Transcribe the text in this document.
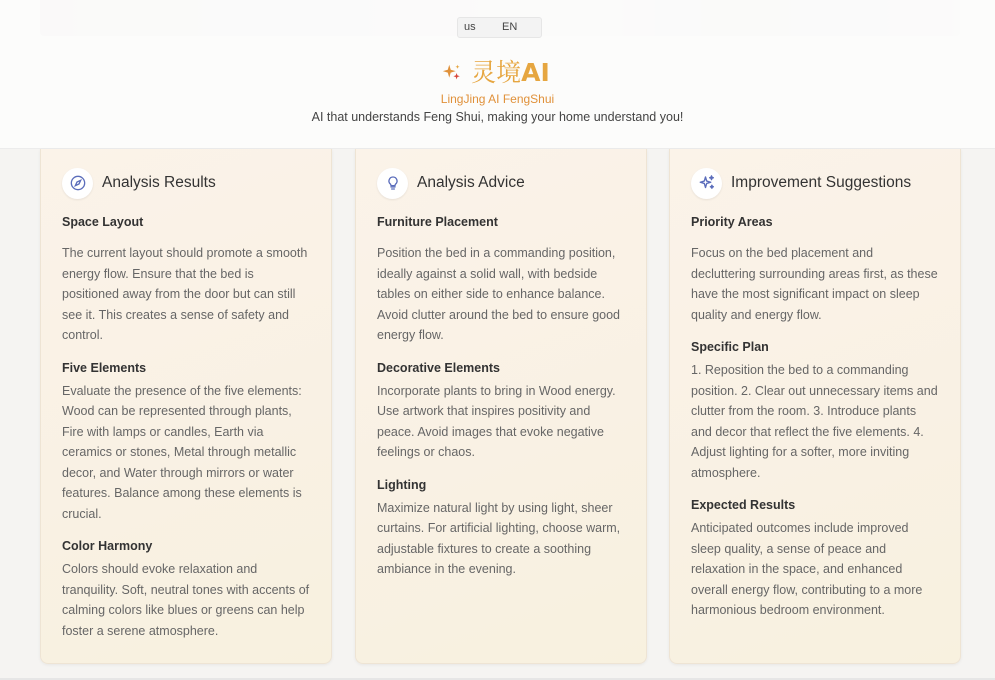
us EN
灵境AI
LingJing AI FengShui
AI that understands Feng Shui, making your home understand you!
Analysis Results
Space Layout
The current layout should promote a smooth energy flow. Ensure that the bed is positioned away from the door but can still see it. This creates a sense of safety and control.
Five Elements
Evaluate the presence of the five elements: Wood can be represented through plants, Fire with lamps or candles, Earth via ceramics or stones, Metal through metallic decor, and Water through mirrors or water features. Balance among these elements is crucial.
Color Harmony
Colors should evoke relaxation and tranquility. Soft, neutral tones with accents of calming colors like blues or greens can help foster a serene atmosphere.
Analysis Advice
Furniture Placement
Position the bed in a commanding position, ideally against a solid wall, with bedside tables on either side to enhance balance. Avoid clutter around the bed to ensure good energy flow.
Decorative Elements
Incorporate plants to bring in Wood energy. Use artwork that inspires positivity and peace. Avoid images that evoke negative feelings or chaos.
Lighting
Maximize natural light by using light, sheer curtains. For artificial lighting, choose warm, adjustable fixtures to create a soothing ambiance in the evening.
Improvement Suggestions
Priority Areas
Focus on the bed placement and decluttering surrounding areas first, as these have the most significant impact on sleep quality and energy flow.
Specific Plan
1. Reposition the bed to a commanding position. 2. Clear out unnecessary items and clutter from the room. 3. Introduce plants and decor that reflect the five elements. 4. Adjust lighting for a softer, more inviting atmosphere.
Expected Results
Anticipated outcomes include improved sleep quality, a sense of peace and relaxation in the space, and enhanced overall energy flow, contributing to a more harmonious bedroom environment.
